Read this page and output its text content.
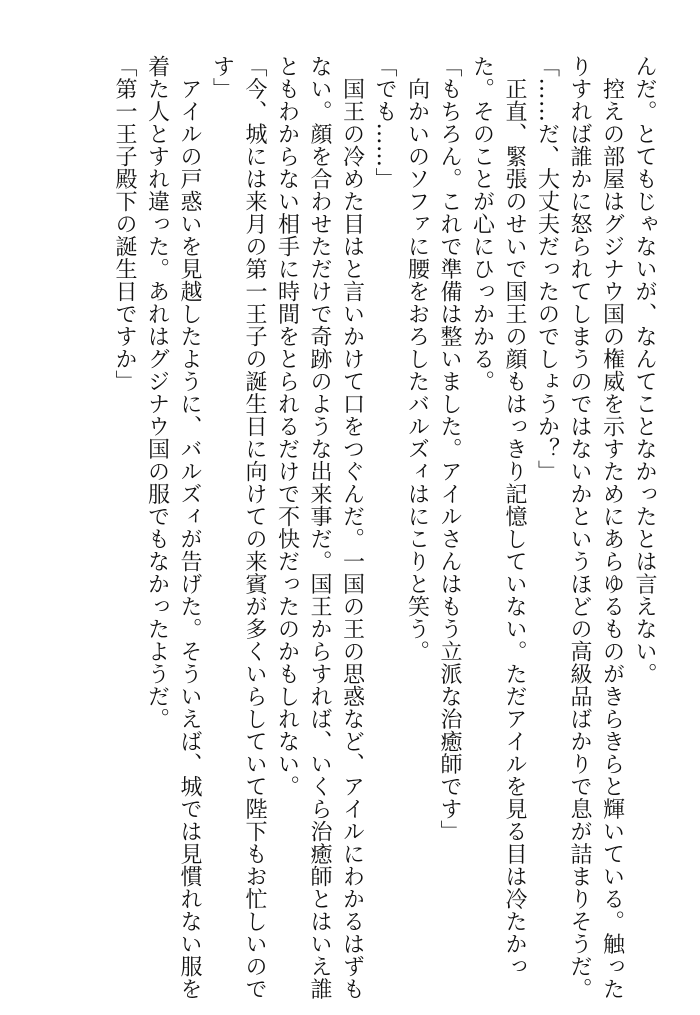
んだ。とてもじゃないが、なんてことなかったとは言えない。
　控えの部屋はグジナウ国の権威を示すためにあらゆるものがきらきらと輝いている。触った
りすれば誰かに怒られてしまうのではないかというほどの高級品ばかりで息が詰まりそうだ。
「……だ、大丈夫だったのでしょうか？」
　正直、緊張のせいで国王の顔もはっきり記憶していない。ただアイルを見る目は冷たかっ
た。そのことが心にひっかかる。
「もちろん。これで準備は整いました。アイルさんはもう立派な治癒師です」
　向かいのソファに腰をおろしたバルズィはにこりと笑う。
「でも……」
　国王の冷めた目はと言いかけて口をつぐんだ。一国の王の思惑など、アイルにわかるはずも
ない。顔を合わせただけで奇跡のような出来事だ。国王からすれば、いくら治癒師とはいえ誰
ともわからない相手に時間をとられるだけで不快だったのかもしれない。
「今、城には来月の第一王子の誕生日に向けての来賓が多くいらしていて陛下もお忙しいので
す」
　アイルの戸惑いを見越したように、バルズィが告げた。そういえば、城では見慣れない服を
着た人とすれ違った。あれはグジナウ国の服でもなかったようだ。
「第一王子殿下の誕生日ですか」
